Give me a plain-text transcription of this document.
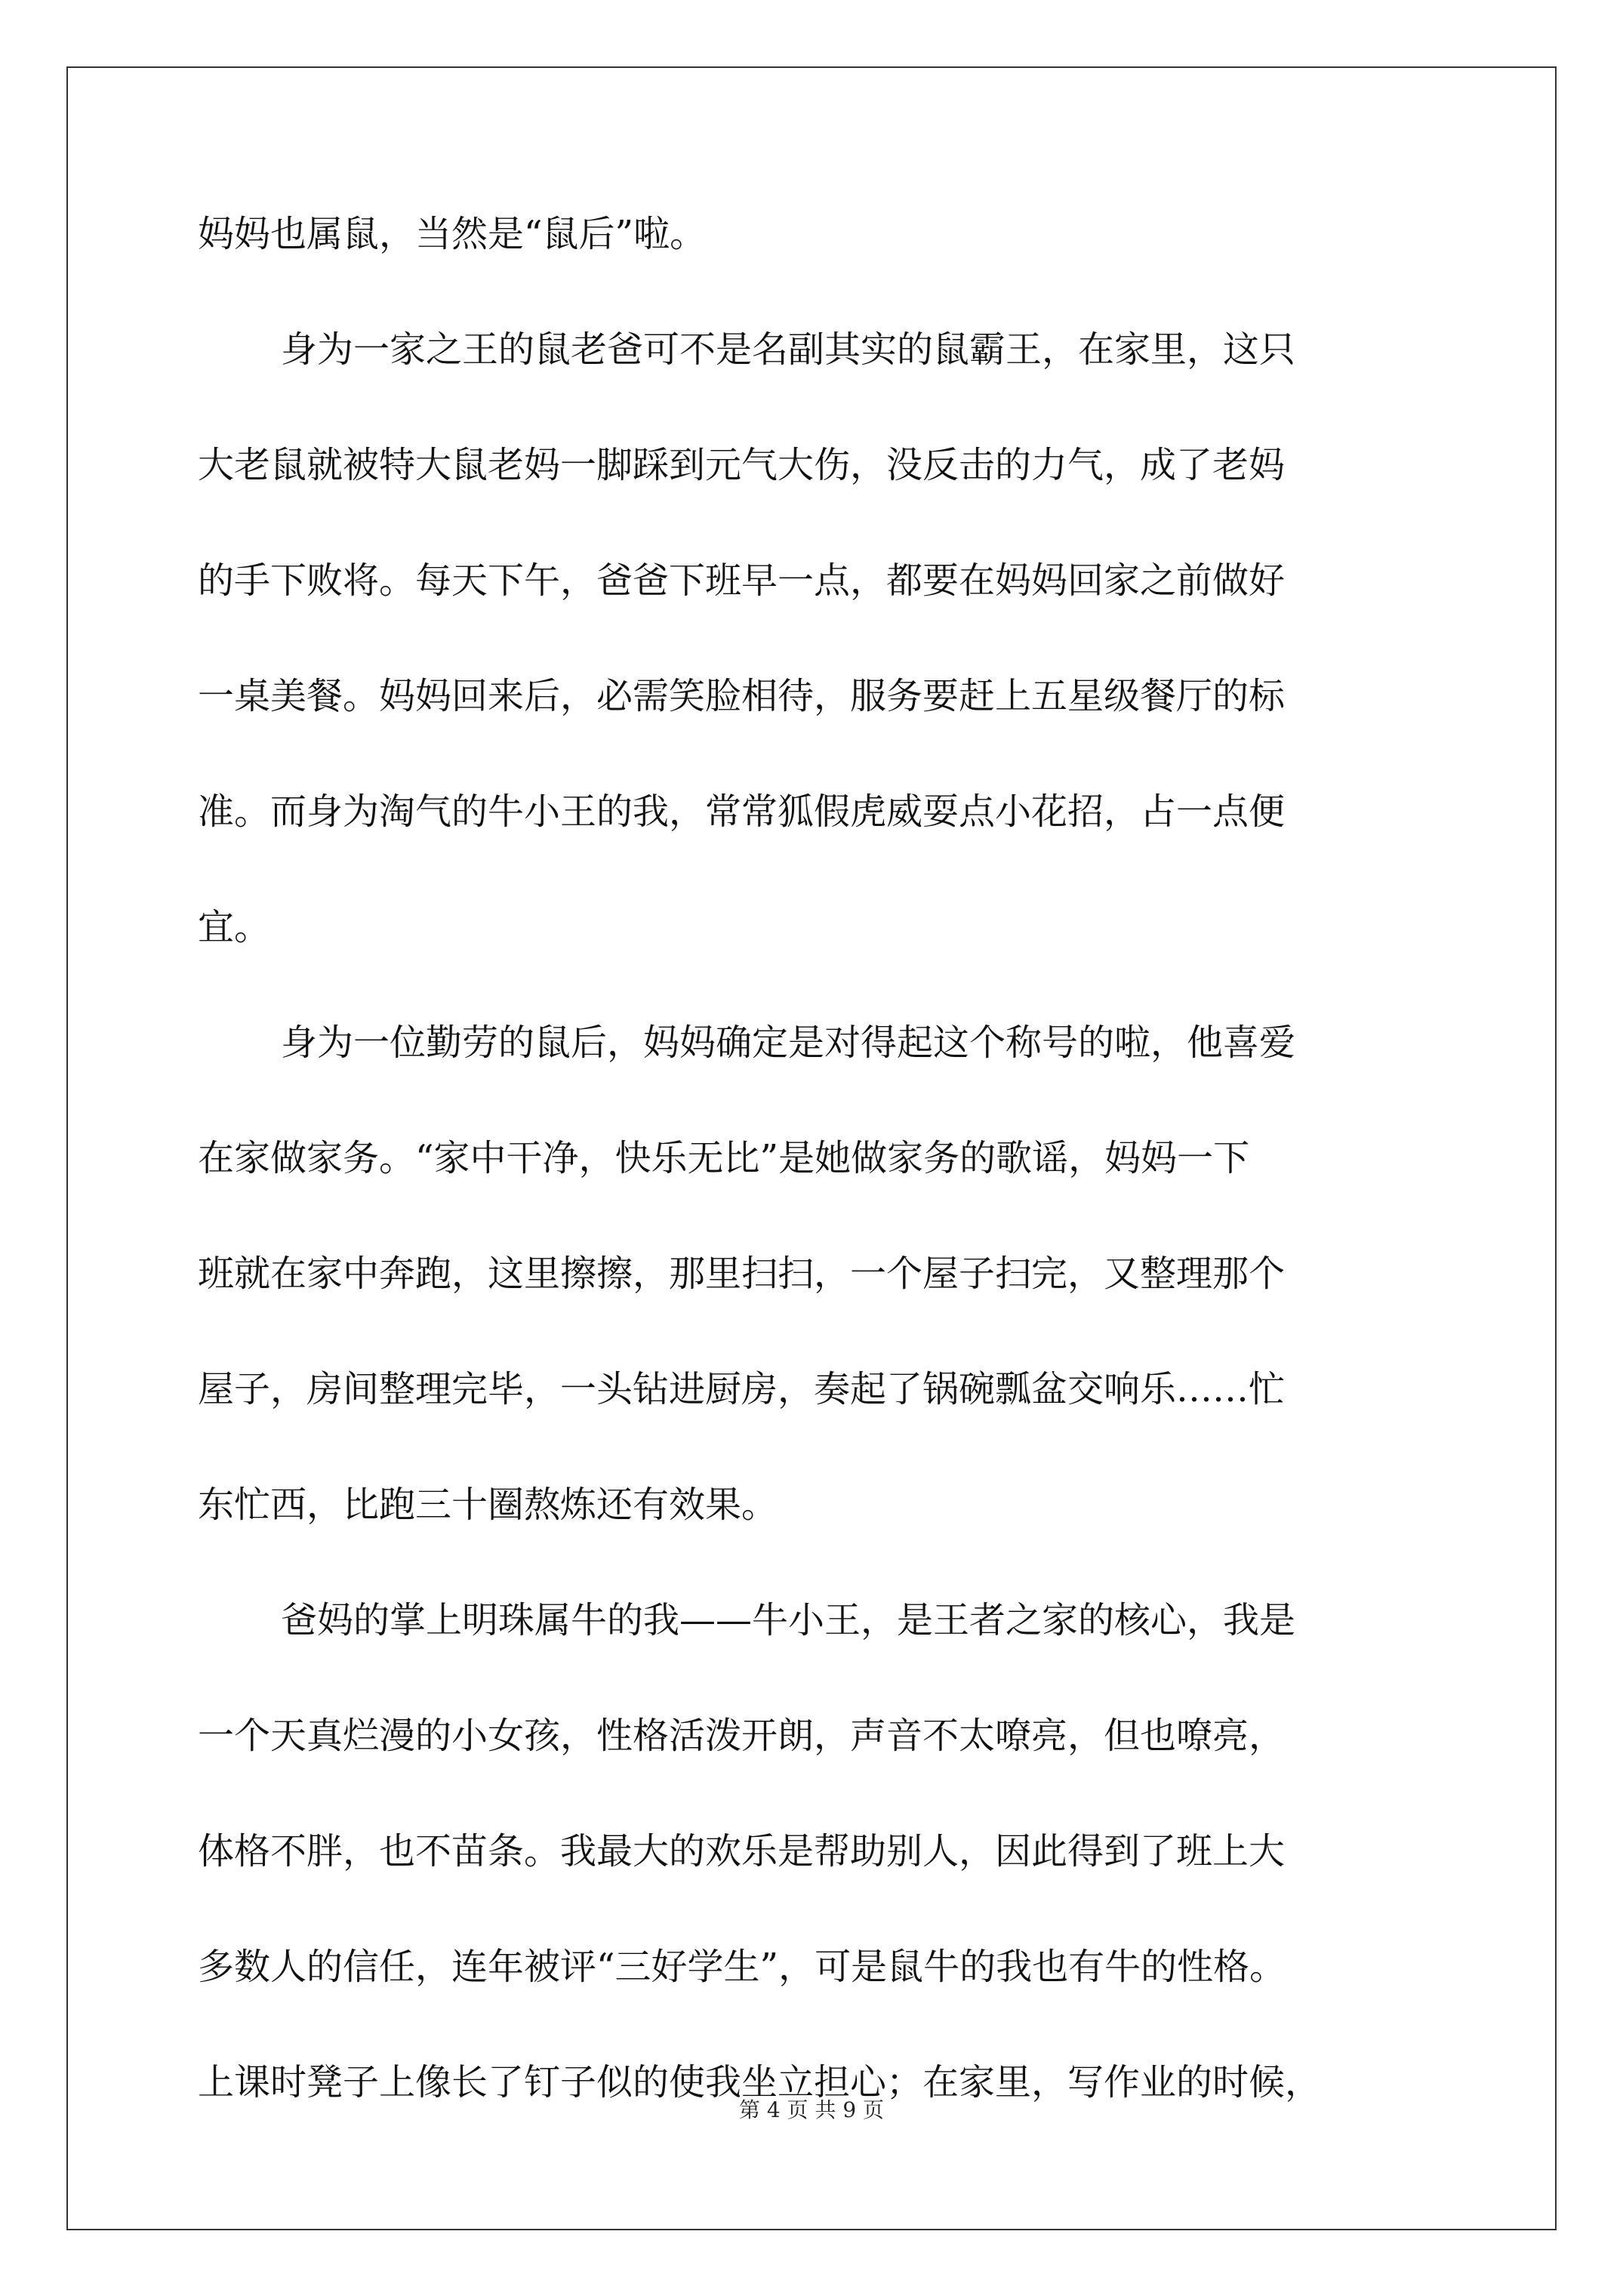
妈妈也属鼠，当然是“鼠后”啦。
身为一家之王的鼠老爸可不是名副其实的鼠霸王，在家里，这只
大老鼠就被特大鼠老妈一脚踩到元气大伤，没反击的力气，成了老妈
的手下败将。每天下午，爸爸下班早一点，都要在妈妈回家之前做好
一桌美餐。妈妈回来后，必需笑脸相待，服务要赶上五星级餐厅的标
准。而身为淘气的牛小王的我，常常狐假虎威耍点小花招，占一点便
宜。
身为一位勤劳的鼠后，妈妈确定是对得起这个称号的啦，他喜爱
在家做家务。“家中干净，快乐无比”是她做家务的歌谣，妈妈一下
班就在家中奔跑，这里擦擦，那里扫扫，一个屋子扫完，又整理那个
屋子，房间整理完毕，一头钻进厨房，奏起了锅碗瓢盆交响乐……忙
东忙西，比跑三十圈熬炼还有效果。
爸妈的掌上明珠属牛的我——牛小王，是王者之家的核心，我是
一个天真烂漫的小女孩，性格活泼开朗，声音不太嘹亮，但也嘹亮，
体格不胖，也不苗条。我最大的欢乐是帮助别人，因此得到了班上大
多数人的信任，连年被评“三好学生”，可是鼠牛的我也有牛的性格。
上课时凳子上像长了钉子似的使我坐立担心；在家里，写作业的时候，
第 4 页 共 9 页
